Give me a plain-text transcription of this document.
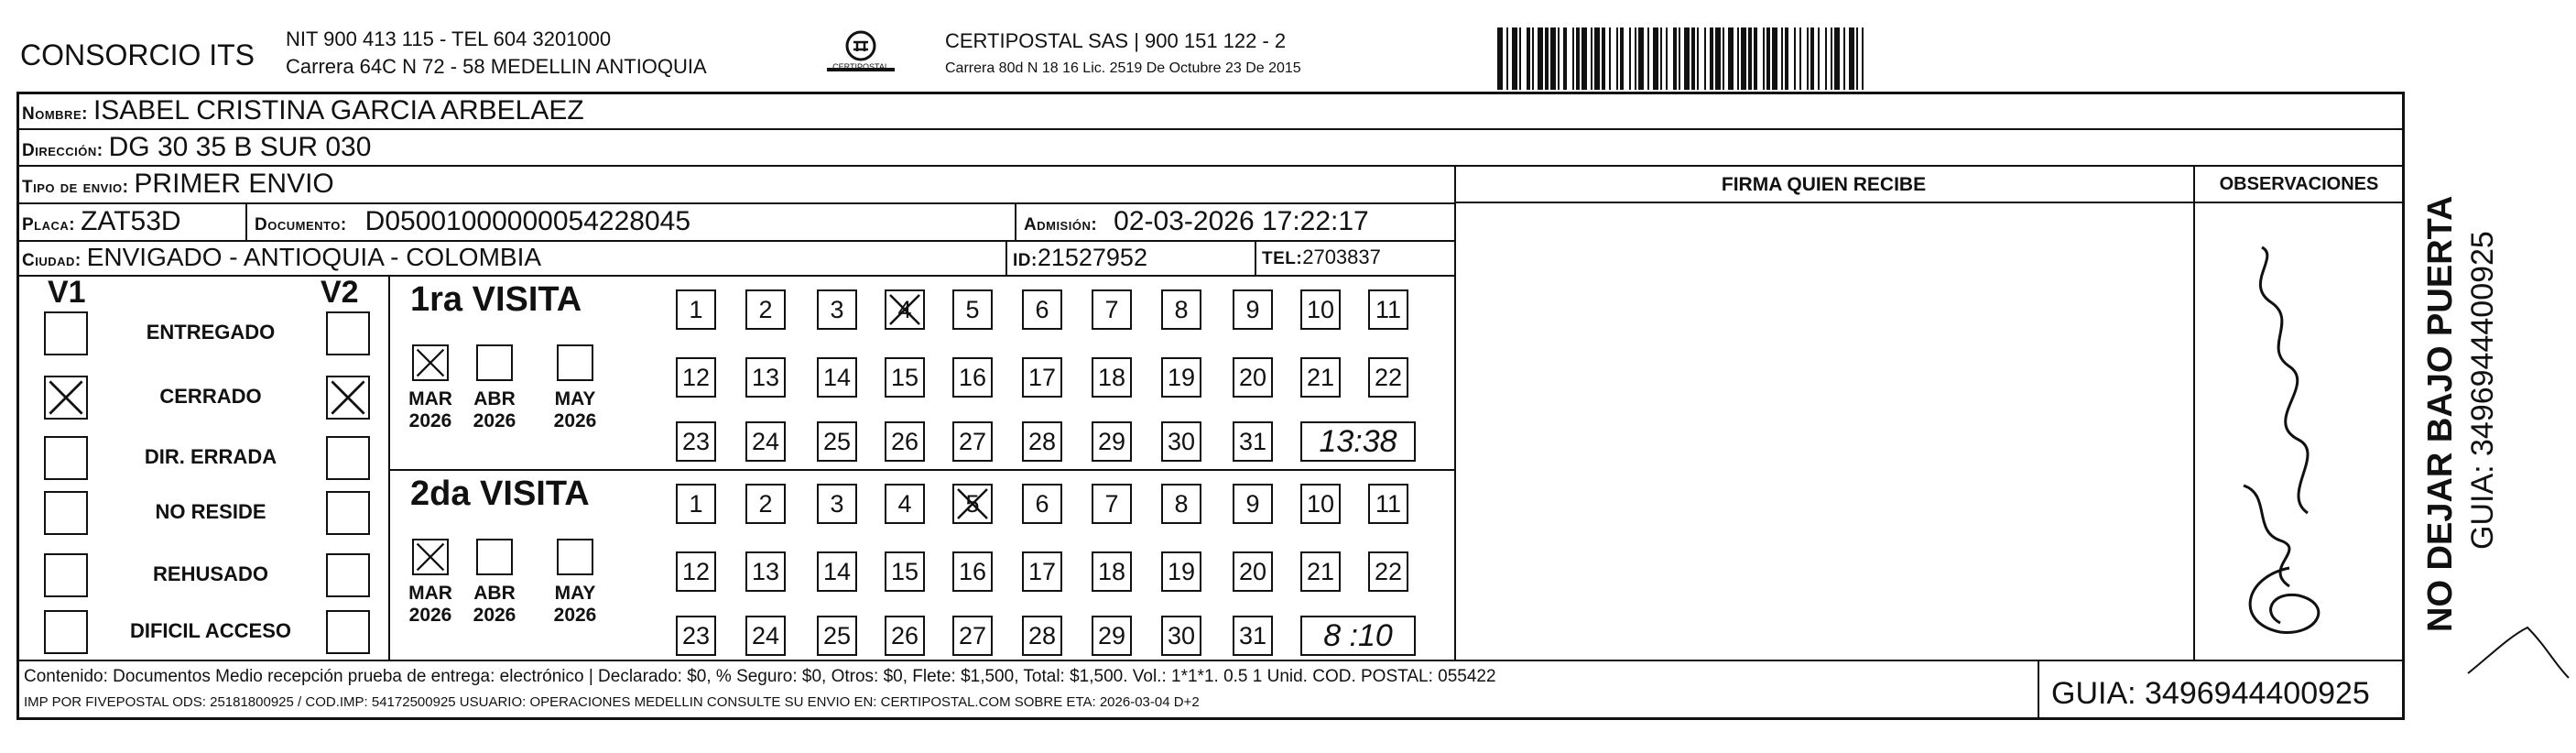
CONSORCIO ITS NIT 900 413 115 - TEL 604 3201000
Carrera 64C N 72 - 58 MEDELLIN ANTIOQUIA	CERTIPOSTAL
CERTIPOSTAL SAS | 900 151 122 - 2
Carrera 80d N 18 16 Lic. 2519 De Octubre 23 De 2015
Nombre: ISABEL CRISTINA GARCIA ARBELAEZ
Dirección: DG 30 35 B SUR 030
Tipo de envio: PRIMER ENVIO
Placa: ZAT53D	Documento: D05001000000054228045	Admisión: 02-03-2026 17:22:17
Ciudad: ENVIGADO - ANTIOQUIA - COLOMBIA	ID: 21527952	TEL: 2703837
FIRMA QUIEN RECIBE	OBSERVACIONES
NO DEJAR BAJO PUERTA GUIA: 3496944400925
V1	V2
ENTREGADO
CERRADO
DIR. ERRADA
NO RESIDE
REHUSADO
DIFICIL ACCESO
1ra VISITA
MAR
2026
ABR
2026
MAY
2026
1 2 3 4 5 6 7 8 9 10 11
12 13 14 15 16 17 18 19 20 21 22
23 24 25 26 27 28 29 30 31	13:38
2da VISITA
MAR
2026
ABR
2026
MAY
2026
1 2 3 4 5 6 7 8 9 10 11
12 13 14 15 16 17 18 19 20 21 22
23 24 25 26 27 28 29 30 31	8 :10
Contenido: Documentos Medio recepción prueba de entrega: electrónico | Declarado: $0, % Seguro: $0, Otros: $0, Flete: $1,500, Total: $1,500. Vol.: 1*1*1. 0.5 1 Unid. COD. POSTAL: 055422
IMP POR FIVEPOSTAL ODS: 25181800925 / COD.IMP: 54172500925 USUARIO: OPERACIONES MEDELLIN CONSULTE SU ENVIO EN: CERTIPOSTAL.COM SOBRE ETA: 2026-03-04 D+2	GUIA: 3496944400925
